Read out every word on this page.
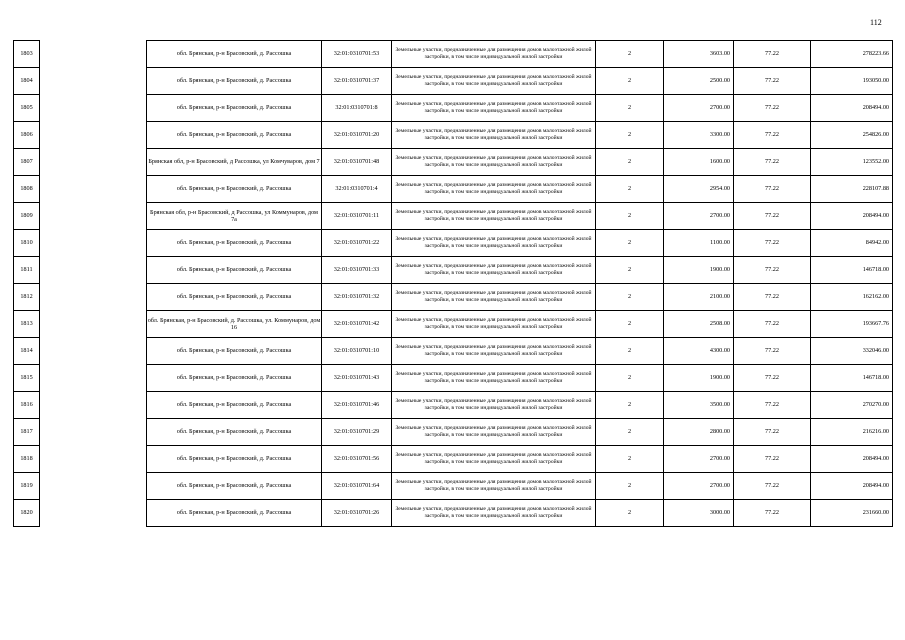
112
1803		обл. Брянская, р-н Брасовский, д. Рассошка	32:01:0310701:53	Земельные участки, предназначенные для размещения домов малоэтажной жилой застройки, в том числе индивидуальной жилой застройки	2	3603.00	77.22	278223.66
1804		обл. Брянская, р-н Брасовский, д. Рассошка	32:01:0310701:37	Земельные участки, предназначенные для размещения домов малоэтажной жилой застройки, в том числе индивидуальной жилой застройки	2	2500.00	77.22	193050.00
1805		обл. Брянская, р-н Брасовский, д. Рассошка	32:01:0310701:8	Земельные участки, предназначенные для размещения домов малоэтажной жилой застройки, в том числе индивидуальной жилой застройки	2	2700.00	77.22	208494.00
1806		обл. Брянская, р-н Брасовский, д. Рассошка	32:01:0310701:20	Земельные участки, предназначенные для размещения домов малоэтажной жилой застройки, в том числе индивидуальной жилой застройки	2	3300.00	77.22	254826.00
1807		Брянская обл, р-н Брасовский, д Рассошка, ул Комчуваров, дом 7	32:01:0310701:48	Земельные участки, предназначенные для размещения домов малоэтажной жилой застройки, в том числе индивидуальной жилой застройки	2	1600.00	77.22	123552.00
1808		обл. Брянская, р-н Брасовский, д. Рассошка	32:01:0310701:4	Земельные участки, предназначенные для размещения домов малоэтажной жилой застройки, в том числе индивидуальной жилой застройки	2	2954.00	77.22	228107.88
1809		Брянская обл, р-н Брасовский, д Рассошка, ул Коммунаров, дом 7а	32:01:0310701:11	Земельные участки, предназначенные для размещения домов малоэтажной жилой застройки, в том числе индивидуальной жилой застройки	2	2700.00	77.22	208494.00
1810		обл. Брянская, р-н Брасовский, д. Рассошка	32:01:0310701:22	Земельные участки, предназначенные для размещения домов малоэтажной жилой застройки, в том числе индивидуальной жилой застройки	2	1100.00	77.22	84942.00
1811		обл. Брянская, р-н Брасовский, д. Рассошка	32:01:0310701:33	Земельные участки, предназначенные для размещения домов малоэтажной жилой застройки, в том числе индивидуальной жилой застройки	2	1900.00	77.22	146718.00
1812		обл. Брянская, р-н Брасовский, д. Рассошка	32:01:0310701:32	Земельные участки, предназначенные для размещения домов малоэтажной жилой застройки, в том числе индивидуальной жилой застройки	2	2100.00	77.22	162162.00
1813		обл. Брянская, р-н Брасовский, д. Рассошка, ул. Коммунаров, дом 16	32:01:0310701:42	Земельные участки, предназначенные для размещения домов малоэтажной жилой застройки, в том числе индивидуальной жилой застройки	2	2508.00	77.22	193667.76
1814		обл. Брянская, р-н Брасовский, д. Рассошка	32:01:0310701:10	Земельные участки, предназначенные для размещения домов малоэтажной жилой застройки, в том числе индивидуальной жилой застройки	2	4300.00	77.22	332046.00
1815		обл. Брянская, р-н Брасовский, д. Рассошка	32:01:0310701:43	Земельные участки, предназначенные для размещения домов малоэтажной жилой застройки, в том числе индивидуальной жилой застройки	2	1900.00	77.22	146718.00
1816		обл. Брянская, р-н Брасовский, д. Рассошка	32:01:0310701:46	Земельные участки, предназначенные для размещения домов малоэтажной жилой застройки, в том числе индивидуальной жилой застройки	2	3500.00	77.22	270270.00
1817		обл. Брянская, р-н Брасовский, д. Рассошка	32:01:0310701:29	Земельные участки, предназначенные для размещения домов малоэтажной жилой застройки, в том числе индивидуальной жилой застройки	2	2800.00	77.22	216216.00
1818		обл. Брянская, р-н Брасовский, д. Рассошка	32:01:0310701:56	Земельные участки, предназначенные для размещения домов малоэтажной жилой застройки, в том числе индивидуальной жилой застройки	2	2700.00	77.22	208494.00
1819		обл. Брянская, р-н Брасовский, д. Рассошка	32:01:0310701:64	Земельные участки, предназначенные для размещения домов малоэтажной жилой застройки, в том числе индивидуальной жилой застройки	2	2700.00	77.22	208494.00
1820		обл. Брянская, р-н Брасовский, д. Рассошка	32:01:0310701:26	Земельные участки, предназначенные для размещения домов малоэтажной жилой застройки, в том числе индивидуальной жилой застройки	2	3000.00	77.22	231660.00
